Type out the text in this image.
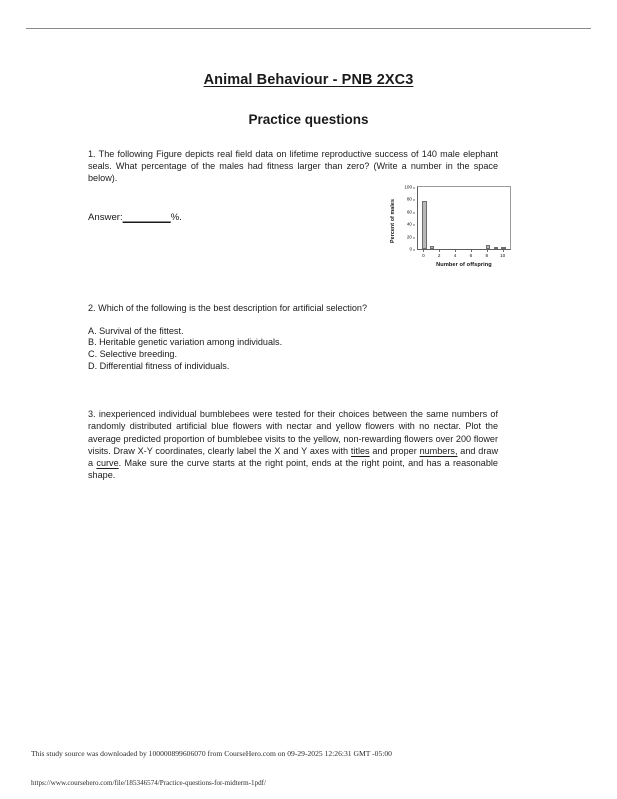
Animal Behaviour - PNB 2XC3
Practice questions

1. The following Figure depicts real field data on lifetime reproductive success of 140 male elephant seals. What percentage of the males had fitness larger than zero? (Write a number in the space below).

Answer:_________%.

2. Which of the following is the best description for artificial selection?

A. Survival of the fittest.

B. Heritable genetic variation among individuals.

C. Selective breeding.

D. Differential fitness of individuals.

3. inexperienced individual bumblebees were tested for their choices between the same numbers of randomly distributed artificial blue flowers with nectar and yellow flowers with no nectar. Plot the average predicted proportion of bumblebee visits to the yellow, non-rewarding flowers over 200 flower visits. Draw X-Y coordinates, clearly label the X and Y axes with titles and proper numbers, and draw a curve. Make sure the curve starts at the right point, ends at the right point, and has a reasonable shape.

Percent of males
0
20
40
60
80
100
0	2	4	6	8	10
Number of offspring
This study source was downloaded by 100000899606070 from CourseHero.com on 09-29-2025 12:26:31 GMT -05:00
https://www.coursehero.com/file/185346574/Practice-questions-for-midterm-1pdf/
